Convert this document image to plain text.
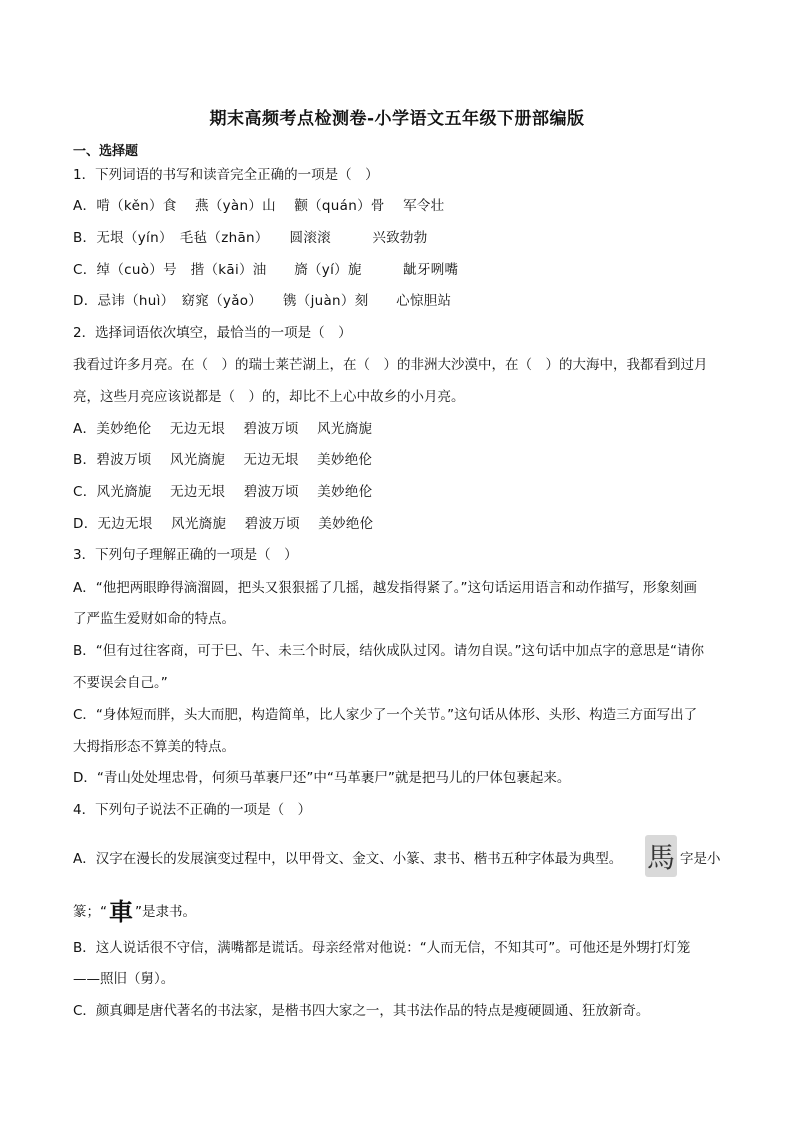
期末高频考点检测卷-小学语文五年级下册部编版
一、选择题
1．下列词语的书写和读音完全正确的一项是（　）
A．啃（kěn）食　 燕（yàn）山　 颧（quán）骨　 军令壮
B．无垠（yín）　毛毡（zhān）　　圆滚滚　　　兴致勃勃
C．绰（cuò）号　揩（kāi）油　　旖（yí）旎　　　龇牙咧嘴
D．忌讳（huì）　窈窕（yǎo）　　镌（juàn）刻　　心惊胆站
2．选择词语依次填空，最恰当的一项是（　）
我看过许多月亮。在（　）的瑞士莱芒湖上，在（　）的非洲大沙漠中，在（　）的大海中，我都看到过月
亮，这些月亮应该说都是（　）的，却比不上心中故乡的小月亮。
A．美妙绝伦　 无边无垠　 碧波万顷　 风光旖旎
B．碧波万顷　 风光旖旎　 无边无垠　 美妙绝伦
C．风光旖旎　 无边无垠　 碧波万顷　 美妙绝伦
D．无边无垠　 风光旖旎　 碧波万顷　 美妙绝伦
3．下列句子理解正确的一项是（　）
A．“他把两眼睁得滴溜圆，把头又狠狠摇了几摇，越发指得紧了。”这句话运用语言和动作描写，形象刻画
了严监生爱财如命的特点。
B．“但有过往客商，可于巳、午、未三个时辰，结伙成队过冈。请勿自误。”这句话中加点字的意思是“请你
不要误会自己。”
C．“身体短而胖，头大而肥，构造简单，比人家少了一个关节。”这句话从体形、头形、构造三方面写出了
大拇指形态不算美的特点。
D．“青山处处埋忠骨，何须马革裹尸还”中“马革裹尸”就是把马儿的尸体包裹起来。
4．下列句子说法不正确的一项是（　）
A．汉字在漫长的发展演变过程中，以甲骨文、金文、小篆、隶书、楷书五种字体最为典型。 馬 字是小
篆；“車 ”是隶书。
B．这人说话很不守信，满嘴都是谎话。母亲经常对他说：“人而无信，不知其可”。可他还是外甥打灯笼
——照旧（舅）。
C．颜真卿是唐代著名的书法家，是楷书四大家之一，其书法作品的特点是瘦硬圆通、狂放新奇。
